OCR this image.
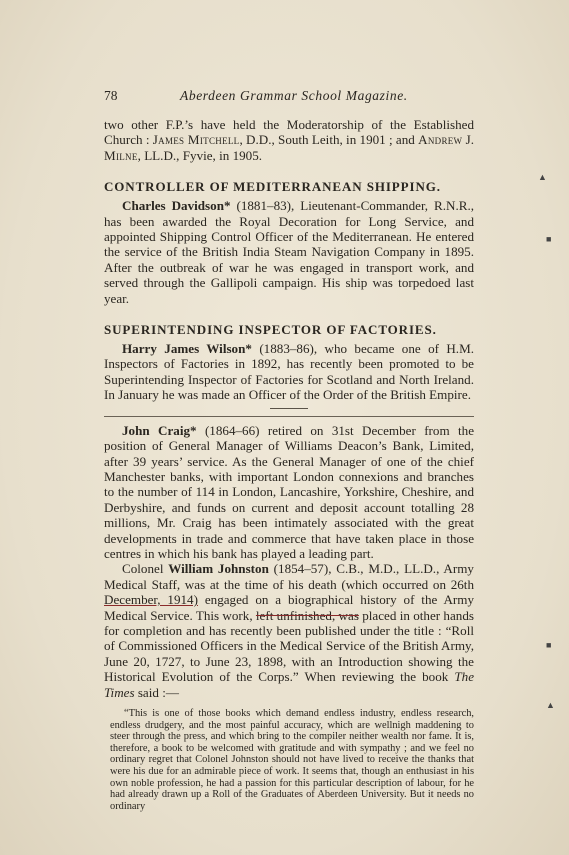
▲
■
■
▲
78	Aberdeen Grammar School Magazine.

two other F.P.’s have held the Moderatorship of the Established Church : James Mitchell, D.D., South Leith, in 1901 ; and Andrew J. Milne, LL.D., Fyvie, in 1905.

CONTROLLER OF MEDITERRANEAN SHIPPING.

Charles Davidson* (1881–83), Lieutenant-Commander, R.N.R., has been awarded the Royal Decoration for Long Service, and appointed Shipping Control Officer of the Mediterranean. He entered the service of the British India Steam Navigation Company in 1895. After the outbreak of war he was engaged in transport work, and served through the Gallipoli campaign. His ship was torpedoed last year.

SUPERINTENDING INSPECTOR OF FACTORIES.

Harry James Wilson* (1883–86), who became one of H.M. Inspectors of Factories in 1892, has recently been promoted to be Superintending Inspector of Factories for Scotland and North Ireland. In January he was made an Officer of the Order of the British Empire.

John Craig* (1864–66) retired on 31st December from the position of General Manager of Williams Deacon’s Bank, Limited, after 39 years’ service. As the General Manager of one of the chief Manchester banks, with important London connexions and branches to the number of 114 in London, Lancashire, Yorkshire, Cheshire, and Derbyshire, and funds on current and deposit account totalling 28 millions, Mr. Craig has been intimately associated with the great developments in trade and commerce that have taken place in those centres in which his bank has played a leading part.

Colonel William Johnston (1854–57), C.B., M.D., LL.D., Army Medical Staff, was at the time of his death (which occurred on 26th December, 1914) engaged on a biographical history of the Army Medical Service. This work, left unfinished, was placed in other hands for completion and has recently been published under the title : “Roll of Commissioned Officers in the Medical Service of the British Army, June 20, 1727, to June 23, 1898, with an Introduction showing the Historical Evolution of the Corps.” When reviewing the book The Times said :—

“This is one of those books which demand endless industry, endless research, endless drudgery, and the most painful accuracy, which are wellnigh maddening to steer through the press, and which bring to the compiler neither wealth nor fame. It is, therefore, a book to be welcomed with gratitude and with sympathy ; and we feel no ordinary regret that Colonel Johnston should not have lived to receive the thanks that were his due for an admirable piece of work. It seems that, though an enthusiast in his own noble profession, he had a passion for this particular description of labour, for he had already drawn up a Roll of the Graduates of Aberdeen University. But it needs no ordinary
